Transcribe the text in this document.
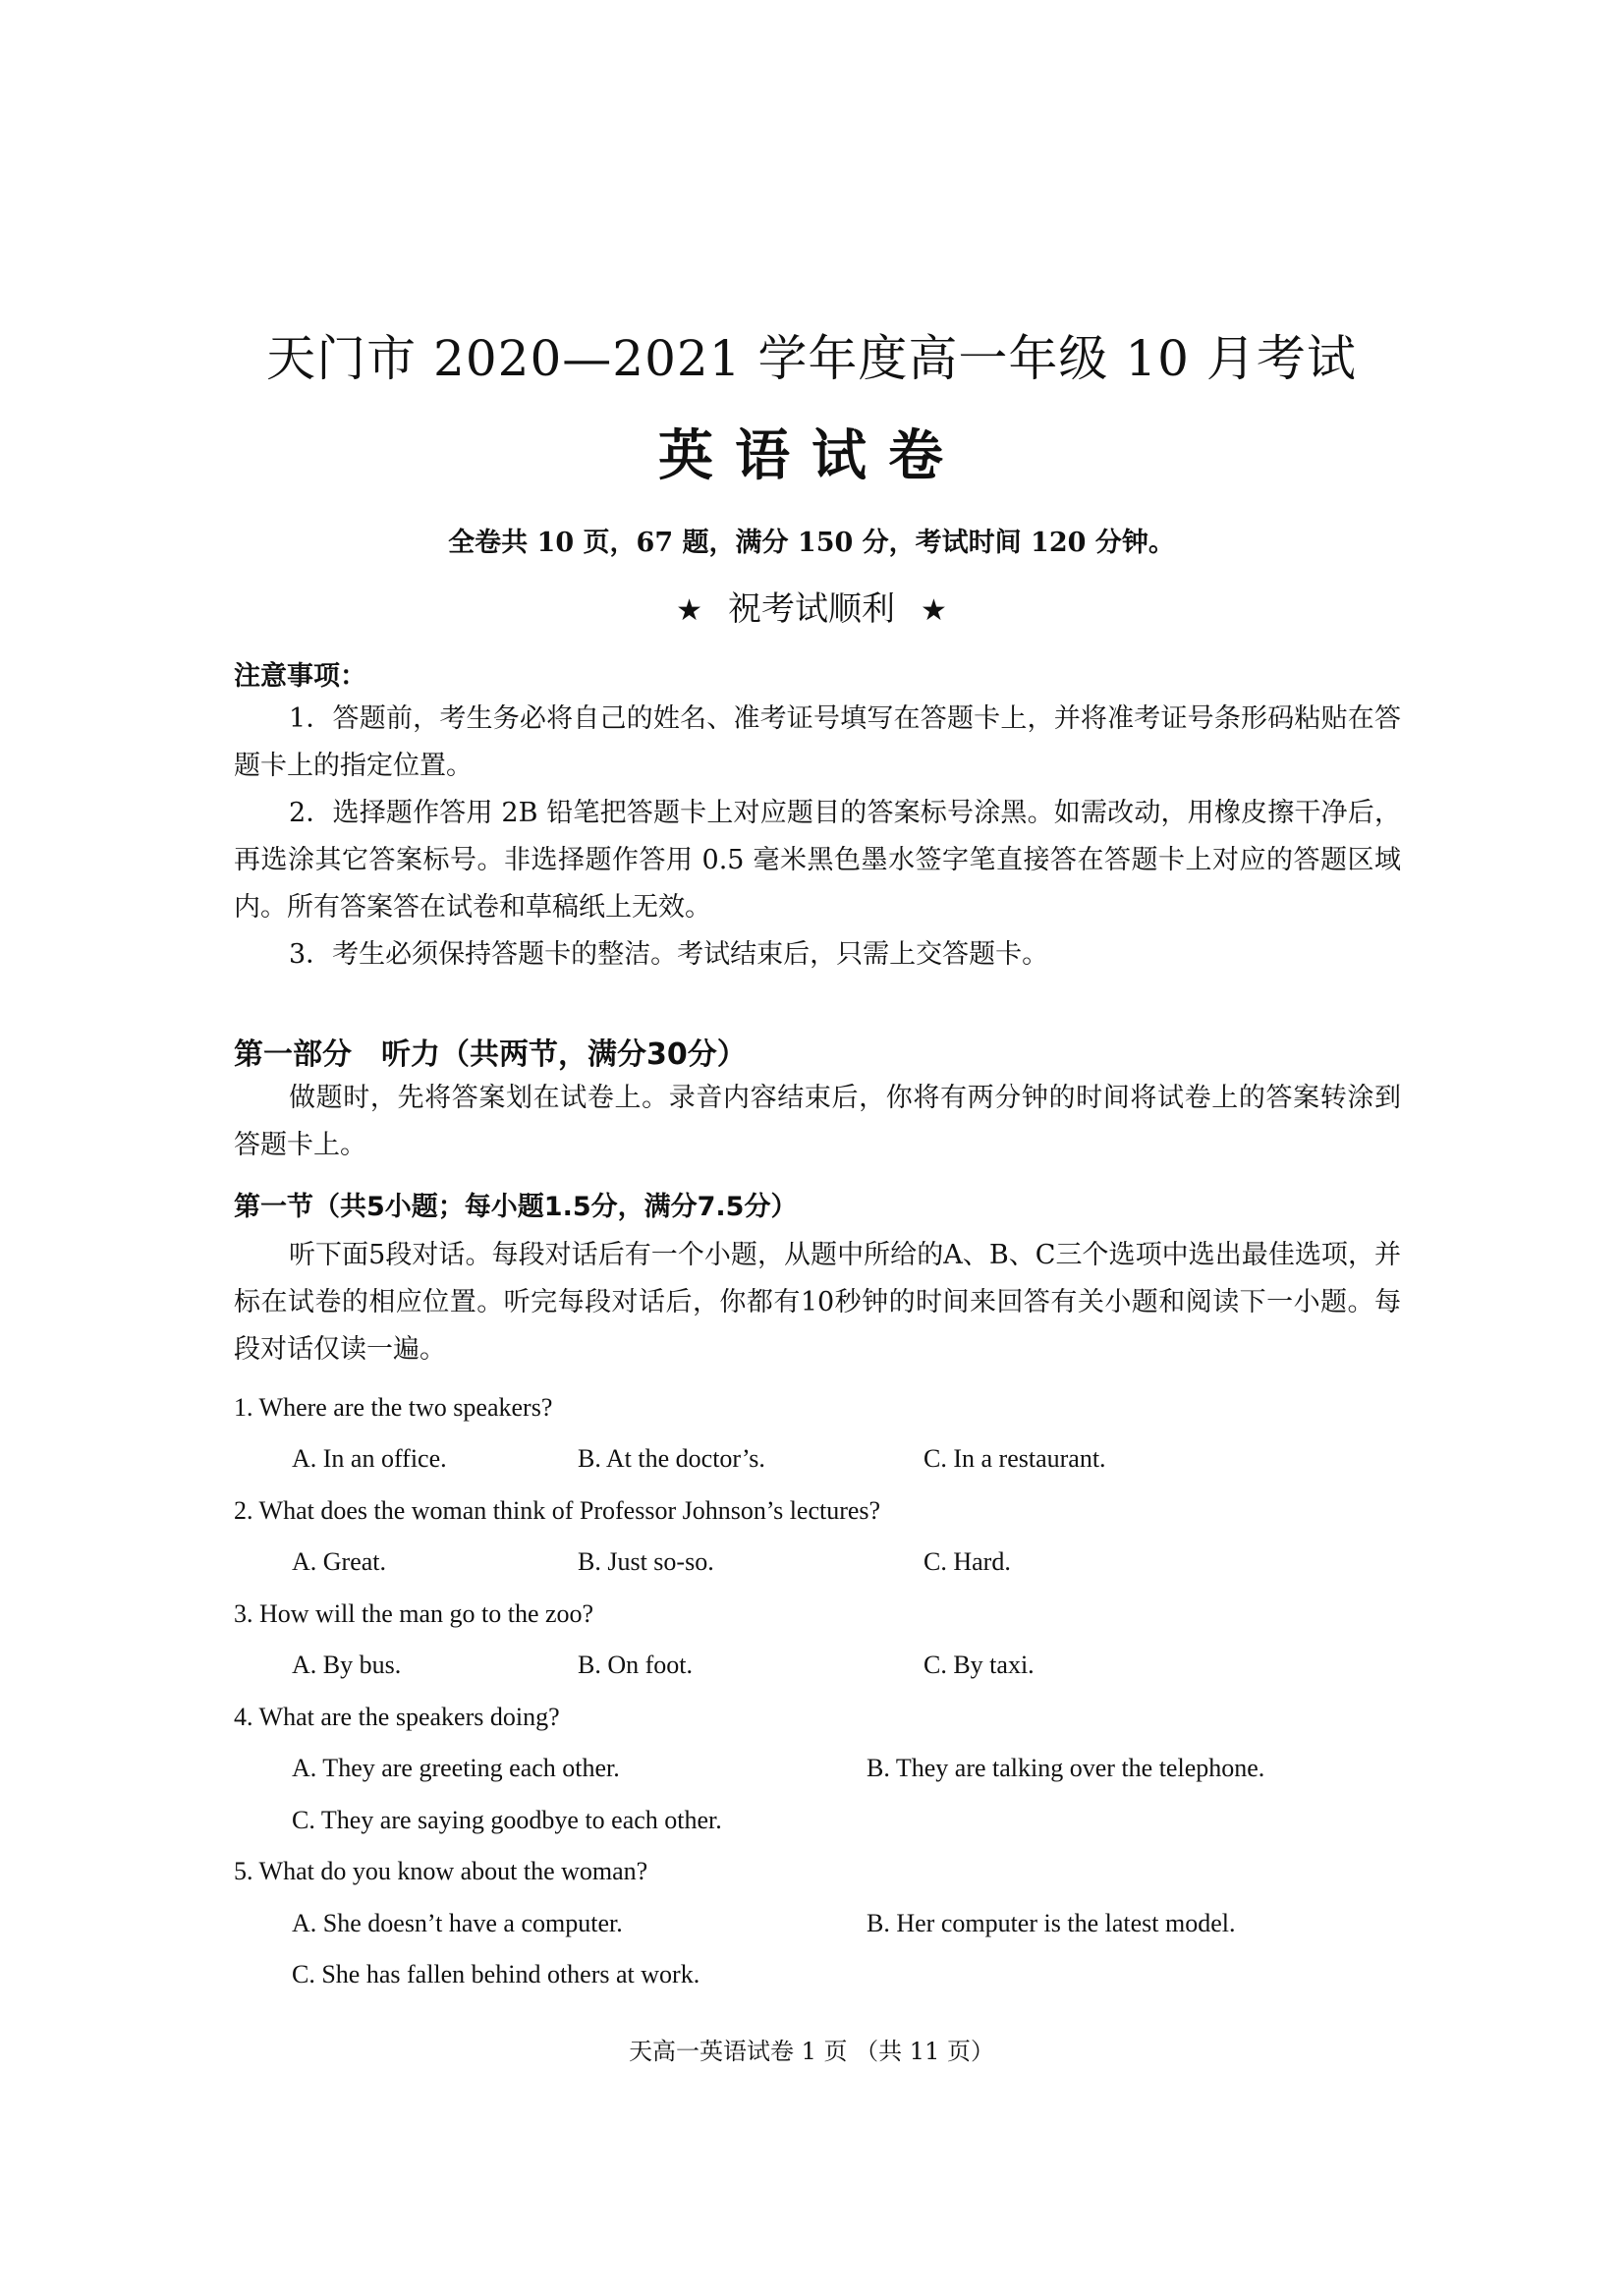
天门市 2020—2021 学年度高一年级 10 月考试
英语试卷
全卷共 10 页，67 题，满分 150 分，考试时间 120 分钟。
★ 祝考试顺利 ★
注意事项：

1．答题前，考生务必将自己的姓名、准考证号填写在答题卡上，并将准考证号条形码粘贴在答题卡上的指定位置。

2．选择题作答用 2B 铅笔把答题卡上对应题目的答案标号涂黑。如需改动，用橡皮擦干净后，再选涂其它答案标号。非选择题作答用 0.5 毫米黑色墨水签字笔直接答在答题卡上对应的答题区域内。所有答案答在试卷和草稿纸上无效。

3．考生必须保持答题卡的整洁。考试结束后，只需上交答题卡。

第一部分　听力（共两节，满分30分）

做题时，先将答案划在试卷上。录音内容结束后，你将有两分钟的时间将试卷上的答案转涂到答题卡上。

第一节（共5小题；每小题1.5分，满分7.5分）

听下面5段对话。每段对话后有一个小题，从题中所给的A、B、C三个选项中选出最佳选项，并标在试卷的相应位置。听完每段对话后，你都有10秒钟的时间来回答有关小题和阅读下一小题。每段对话仅读一遍。

1. Where are the two speakers?
A. In an office.	B. At the doctor’s.	C. In a restaurant.
2. What does the woman think of Professor Johnson’s lectures?
A. Great.	B. Just so-so.	C. Hard.
3. How will the man go to the zoo?
A. By bus.	B. On foot.	C. By taxi.
4. What are the speakers doing?
A. They are greeting each other.	B. They are talking over the telephone.
C. They are saying goodbye to each other.
5. What do you know about the woman?
A. She doesn’t have a computer.	B. Her computer is the latest model.
C. She has fallen behind others at work.
天高一英语试卷 1 页 （共 11 页）
